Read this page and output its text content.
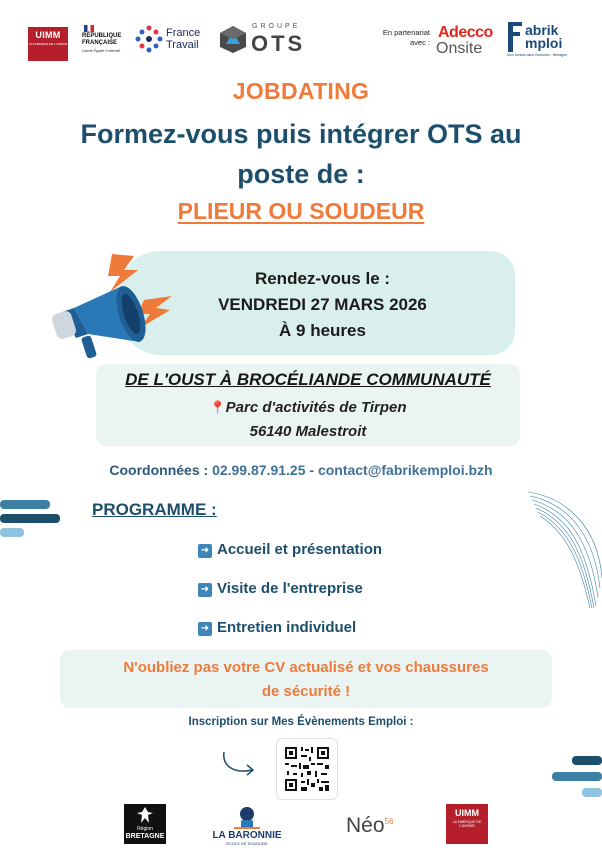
UIMM
LA FABRIQUE DE L'AVENIR
RÉPUBLIQUE
FRANÇAISE
Liberté Égalité Fraternité
France
Travail
GROUPE
OTS	En partenariat
avec :
Adecco
Onsite
abrik
mploi
Mon contrat dans l'industrie - Bretagne
JOBDATING
Formez-vous puis intégrer OTS au
poste de :
PLIEUR OU SOUDEUR
Rendez-vous le :
VENDREDI 27 MARS 2026
À 9 heures
DE L'OUST À BROCÉLIANDE COMMUNAUTÉ
📍Parc d'activités de Tirpen
56140 Malestroit
Coordonnées : 02.99.87.91.25 - contact@fabrikemploi.bzh
PROGRAMME :
➜ Accueil et présentation
➜ Visite de l'entreprise
➜ Entretien individuel
N'oubliez pas votre CV actualisé et vos chaussures
de sécurité !
Inscription sur Mes Évènements Emploi :
Région
BRETAGNE	LA BARONNIE
ÉCOLE DE SOUDURE
Néo$^{56}$
UIMM
LA FABRIQUE DE L'AVENIR
